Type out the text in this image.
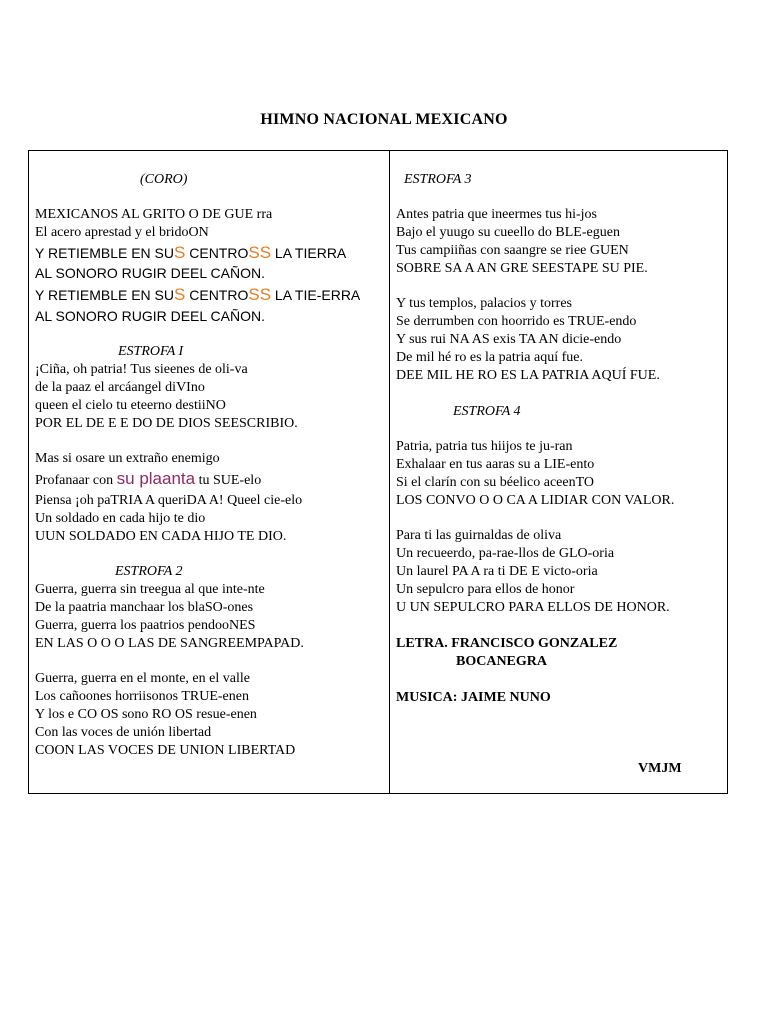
HIMNO NACIONAL MEXICANO
(CORO)
MEXICANOS AL GRITO O DE GUE rra
El acero aprestad y el bridoON
Y RETIEMBLE EN SUS CENTROSS LA TIERRA
AL SONORO RUGIR DEEL CAÑON.
Y RETIEMBLE EN SUS CENTROSS LA TIE-ERRA
AL SONORO RUGIR DEEL CAÑON.
ESTROFA I
¡Ciña, oh patria! Tus sieenes de oli-va
de la paaz el arcáangel diVIno
queen el cielo tu eteerno destiiNO
POR EL DE E E DO DE DIOS SEESCRIBIO.
Mas si osare un extraño enemigo
Profanaar con su plaanta tu SUE-elo
Piensa ¡oh paTRIA A queriDA A! Queel cie-elo
Un soldado en cada hijo te dio
UUN SOLDADO EN CADA HIJO TE DIO.
ESTROFA 2
Guerra, guerra sin treegua al que inte-nte
De la paatria manchaar los blaSO-ones
Guerra, guerra los paatrios pendooNES
EN LAS O O O LAS DE SANGREEMPAPAD.
Guerra, guerra en el monte, en el valle
Los cañoones horriisonos TRUE-enen
Y los e CO OS sono RO OS resue-enen
Con las voces de unión libertad
COON LAS VOCES DE UNION LIBERTAD
ESTROFA 3
Antes patria que ineermes tus hi-jos
Bajo el yuugo su cueello do BLE-eguen
Tus campiiñas con saangre se riee GUEN
SOBRE SA A AN GRE SEESTAPE SU PIE.
Y tus templos, palacios y torres
Se derrumben con hoorrido es TRUE-endo
Y sus rui NA AS exis TA AN dicie-endo
De mil hé ro es la patria aquí fue.
DEE MIL HE RO ES LA PATRIA AQUÍ FUE.
ESTROFA 4
Patria, patria tus hiijos te ju-ran
Exhalaar en tus aaras su a LIE-ento
Si el clarín con su béelico aceenTO
LOS CONVO O O CA A LIDIAR CON VALOR.
Para ti las guirnaldas de oliva
Un recueerdo, pa-rae-llos de GLO-oria
Un laurel PA A ra ti DE E victo-oria
Un sepulcro para ellos de honor
U UN SEPULCRO PARA ELLOS DE HONOR.
LETRA. FRANCISCO GONZALEZ
BOCANEGRA
MUSICA: JAIME NUNO
VMJM
